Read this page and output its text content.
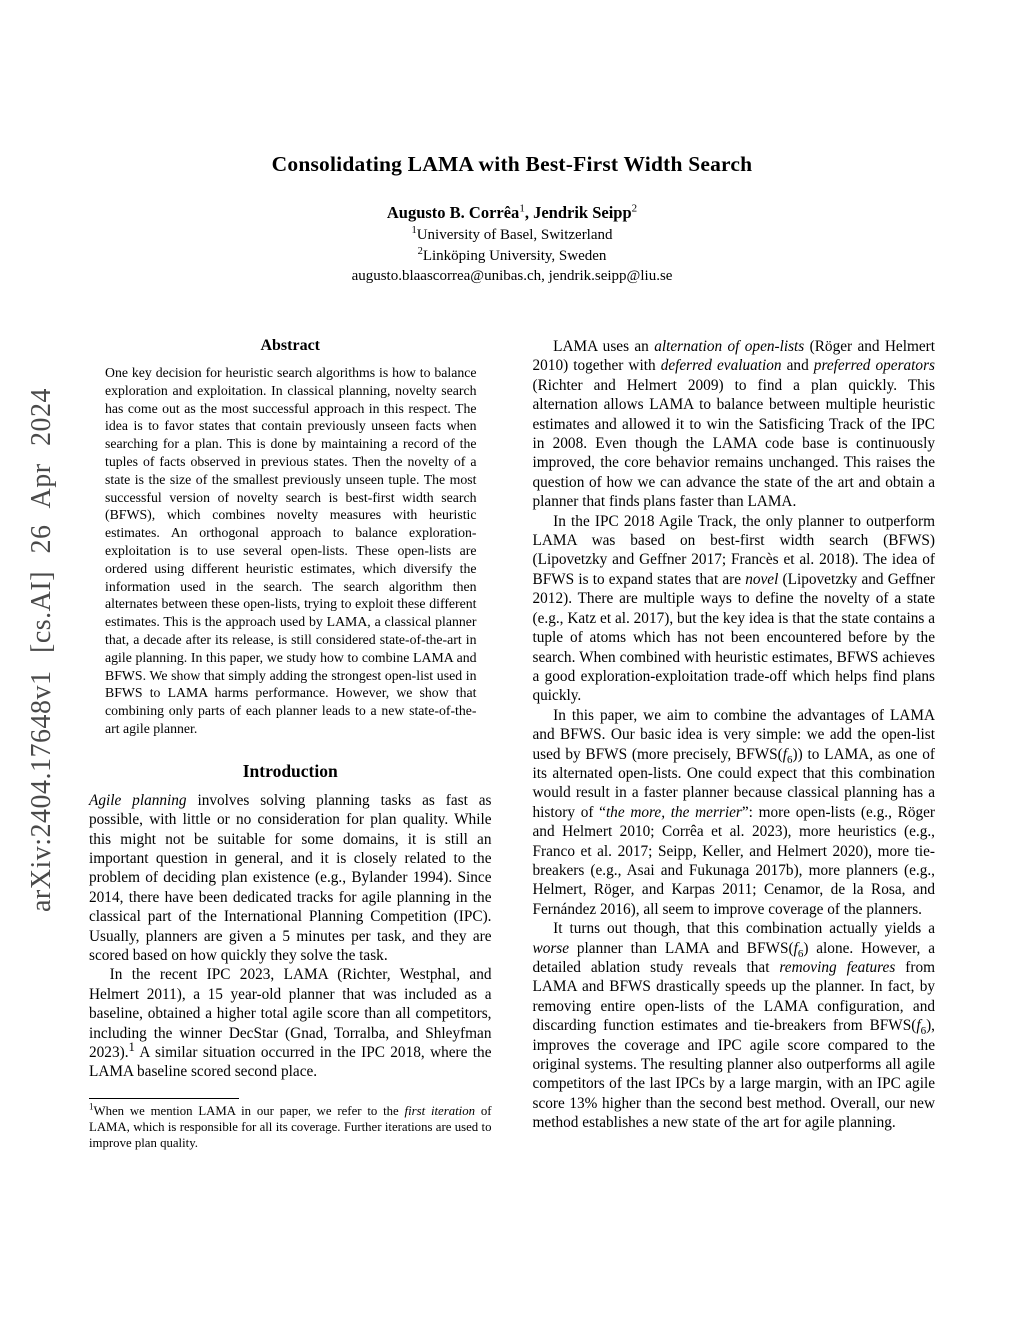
arXiv:2404.17648v1 [cs.AI] 26 Apr 2024
Consolidating LAMA with Best-First Width Search
Augusto B. Corrêa$^1$, Jendrik Seipp$^2$
$^1$University of Basel, Switzerland
$^2$Linköping University, Sweden
augusto.blaascorrea@unibas.ch, jendrik.seipp@liu.se
Abstract

One key decision for heuristic search algorithms is how to balance exploration and exploitation. In classical planning, novelty search has come out as the most successful approach in this respect. The idea is to favor states that contain previously unseen facts when searching for a plan. This is done by maintaining a record of the tuples of facts observed in previous states. Then the novelty of a state is the size of the smallest previously unseen tuple. The most successful version of novelty search is best-first width search (BFWS), which combines novelty measures with heuristic estimates. An orthogonal approach to balance exploration-exploitation is to use several open-lists. These open-lists are ordered using different heuristic estimates, which diversify the information used in the search. The search algorithm then alternates between these open-lists, trying to exploit these different estimates. This is the approach used by LAMA, a classical planner that, a decade after its release, is still considered state-of-the-art in agile planning. In this paper, we study how to combine LAMA and BFWS. We show that simply adding the strongest open-list used in BFWS to LAMA harms performance. However, we show that combining only parts of each planner leads to a new state-of-the-art agile planner.

Introduction

Agile planning involves solving planning tasks as fast as possible, with little or no consideration for plan quality. While this might not be suitable for some domains, it is still an important question in general, and it is closely related to the problem of deciding plan existence (e.g., Bylander 1994). Since 2014, there have been dedicated tracks for agile planning in the classical part of the International Planning Competition (IPC). Usually, planners are given a 5 minutes per task, and they are scored based on how quickly they solve the task.

In the recent IPC 2023, LAMA (Richter, Westphal, and Helmert 2011), a 15 year-old planner that was included as a baseline, obtained a higher total agile score than all competitors, including the winner DecStar (Gnad, Torralba, and Shleyfman 2023).$^1$ A similar situation occurred in the IPC 2018, where the LAMA baseline scored second place.

$^1$When we mention LAMA in our paper, we refer to the first iteration of LAMA, which is responsible for all its coverage. Further iterations are used to improve plan quality.

LAMA uses an alternation of open-lists (Röger and Helmert 2010) together with deferred evaluation and preferred operators (Richter and Helmert 2009) to find a plan quickly. This alternation allows LAMA to balance between multiple heuristic estimates and allowed it to win the Satisficing Track of the IPC in 2008. Even though the LAMA code base is continuously improved, the core behavior remains unchanged. This raises the question of how we can advance the state of the art and obtain a planner that finds plans faster than LAMA.

In the IPC 2018 Agile Track, the only planner to outperform LAMA was based on best-first width search (BFWS) (Lipovetzky and Geffner 2017; Francès et al. 2018). The idea of BFWS is to expand states that are novel (Lipovetzky and Geffner 2012). There are multiple ways to define the novelty of a state (e.g., Katz et al. 2017), but the key idea is that the state contains a tuple of atoms which has not been encountered before by the search. When combined with heuristic estimates, BFWS achieves a good exploration-exploitation trade-off which helps find plans quickly.

In this paper, we aim to combine the advantages of LAMA and BFWS. Our basic idea is very simple: we add the open-list used by BFWS (more precisely, $BFWS(f_6)$) to LAMA, as one of its alternated open-lists. One could expect that this combination would result in a faster planner because classical planning has a history of “the more, the merrier”: more open-lists (e.g., Röger and Helmert 2010; Corrêa et al. 2023), more heuristics (e.g., Franco et al. 2017; Seipp, Keller, and Helmert 2020), more tie-breakers (e.g., Asai and Fukunaga 2017b), more planners (e.g., Helmert, Röger, and Karpas 2011; Cenamor, de la Rosa, and Fernández 2016), all seem to improve coverage of the planners.

It turns out though, that this combination actually yields a worse planner than LAMA and $BFWS(f_6)$ alone. However, a detailed ablation study reveals that removing features from LAMA and BFWS drastically speeds up the planner. In fact, by removing entire open-lists of the LAMA configuration, and discarding function estimates and tie-breakers from $BFWS(f_6)$, improves the coverage and IPC agile score compared to the original systems. The resulting planner also outperforms all agile competitors of the last IPCs by a large margin, with an IPC agile score 13% higher than the second best method. Overall, our new method establishes a new state of the art for agile planning.
